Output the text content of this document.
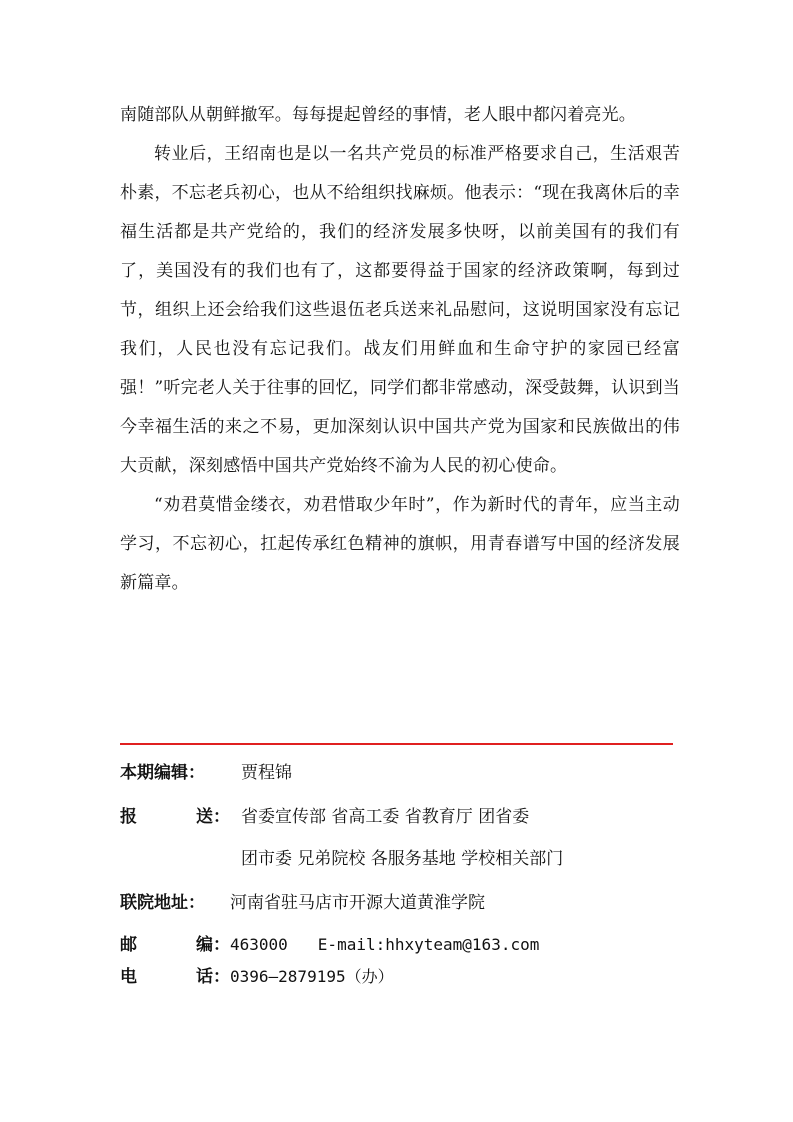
南随部队从朝鲜撤军。每每提起曾经的事情，老人眼中都闪着亮光。

转业后，王绍南也是以一名共产党员的标准严格要求自己，生活艰苦朴素，不忘老兵初心，也从不给组织找麻烦。他表示：“现在我离休后的幸福生活都是共产党给的，我们的经济发展多快呀，以前美国有的我们有了，美国没有的我们也有了，这都要得益于国家的经济政策啊，每到过节，组织上还会给我们这些退伍老兵送来礼品慰问，这说明国家没有忘记我们，人民也没有忘记我们。战友们用鲜血和生命守护的家园已经富强！”听完老人关于往事的回忆，同学们都非常感动，深受鼓舞，认识到当今幸福生活的来之不易，更加深刻认识中国共产党为国家和民族做出的伟大贡献，深刻感悟中国共产党始终不渝为人民的初心使命。

“劝君莫惜金缕衣，劝君惜取少年时”，作为新时代的青年，应当主动学习，不忘初心，扛起传承红色精神的旗帜，用青春谱写中国的经济发展新篇章。

本期编辑：	贾程锦
报	送： 省委宣传部 省高工委 省教育厅 团省委
团市委 兄弟院校 各服务基地 学校相关部门
联院地址：	河南省驻马店市开源大道黄淮学院
邮	编： 463000 E-mail:hhxyteam@163.com
电	话： 0396—2879195（办）
